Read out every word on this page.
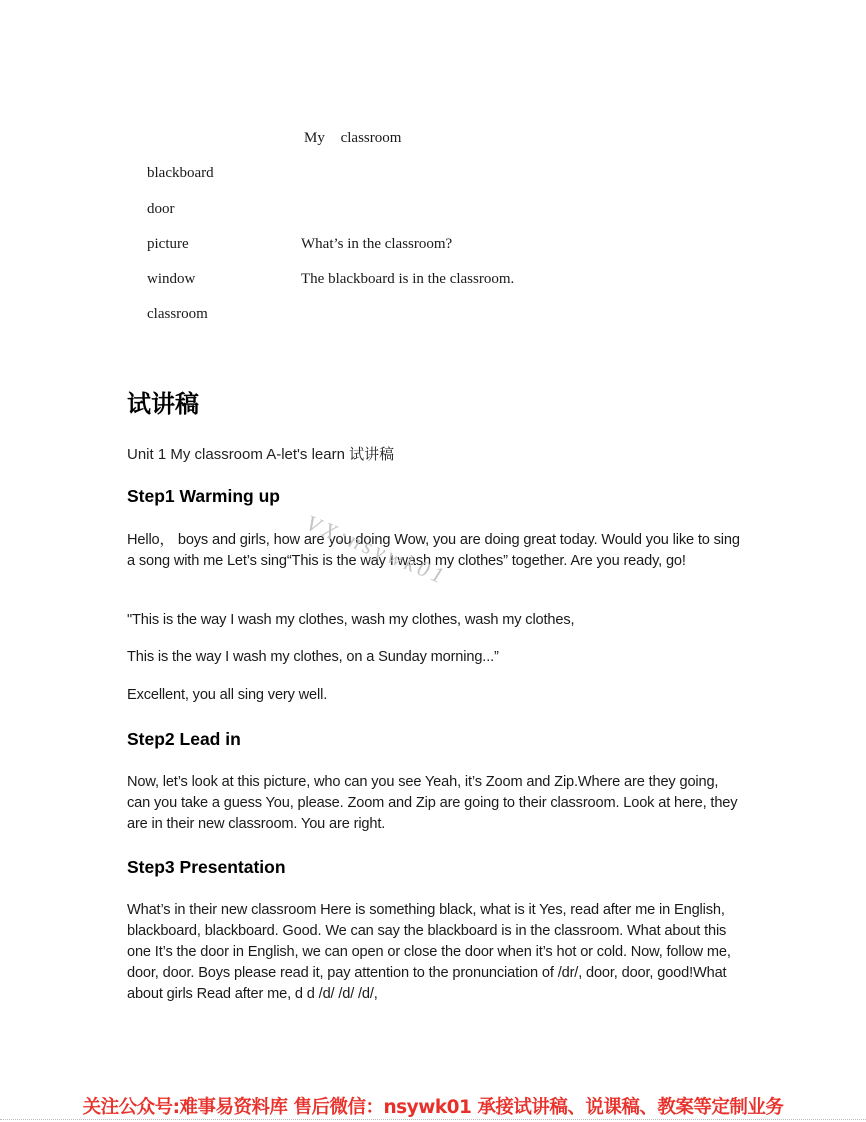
My classroom
blackboard
door
picture
window
classroom
What’s in the classroom?
The blackboard is in the classroom.
试讲稿
Unit 1 My classroom A-let's learn 试讲稿
Step1 Warming up

Hello， boys and girls, how are you doing Wow, you are doing great today. Would you like to sing a song with me Let’s sing“This is the way I wash my clothes” together. Are you ready, go!

"This is the way I wash my clothes, wash my clothes, wash my clothes,

This is the way I wash my clothes, on a Sunday morning...”

Excellent, you all sing very well.

Step2 Lead in

Now, let’s look at this picture, who can you see Yeah, it’s Zoom and Zip.Where are they going, can you take a guess You, please. Zoom and Zip are going to their classroom. Look at here, they are in their new classroom. You are right.

Step3 Presentation

What’s in their new classroom Here is something black, what is it Yes, read after me in English, blackboard, blackboard. Good. We can say the blackboard is in the classroom. What about this one It’s the door in English, we can open or close the door when it’s hot or cold. Now, follow me, door, door. Boys please read it, pay attention to the pronunciation of /dr/, door, door, good!What about girls Read after me, d d /d/ /d/ /d/,

VX:nsywk01
关注公众号:难事易资料库 售后微信：nsywk01 承接试讲稿、说课稿、教案等定制业务
